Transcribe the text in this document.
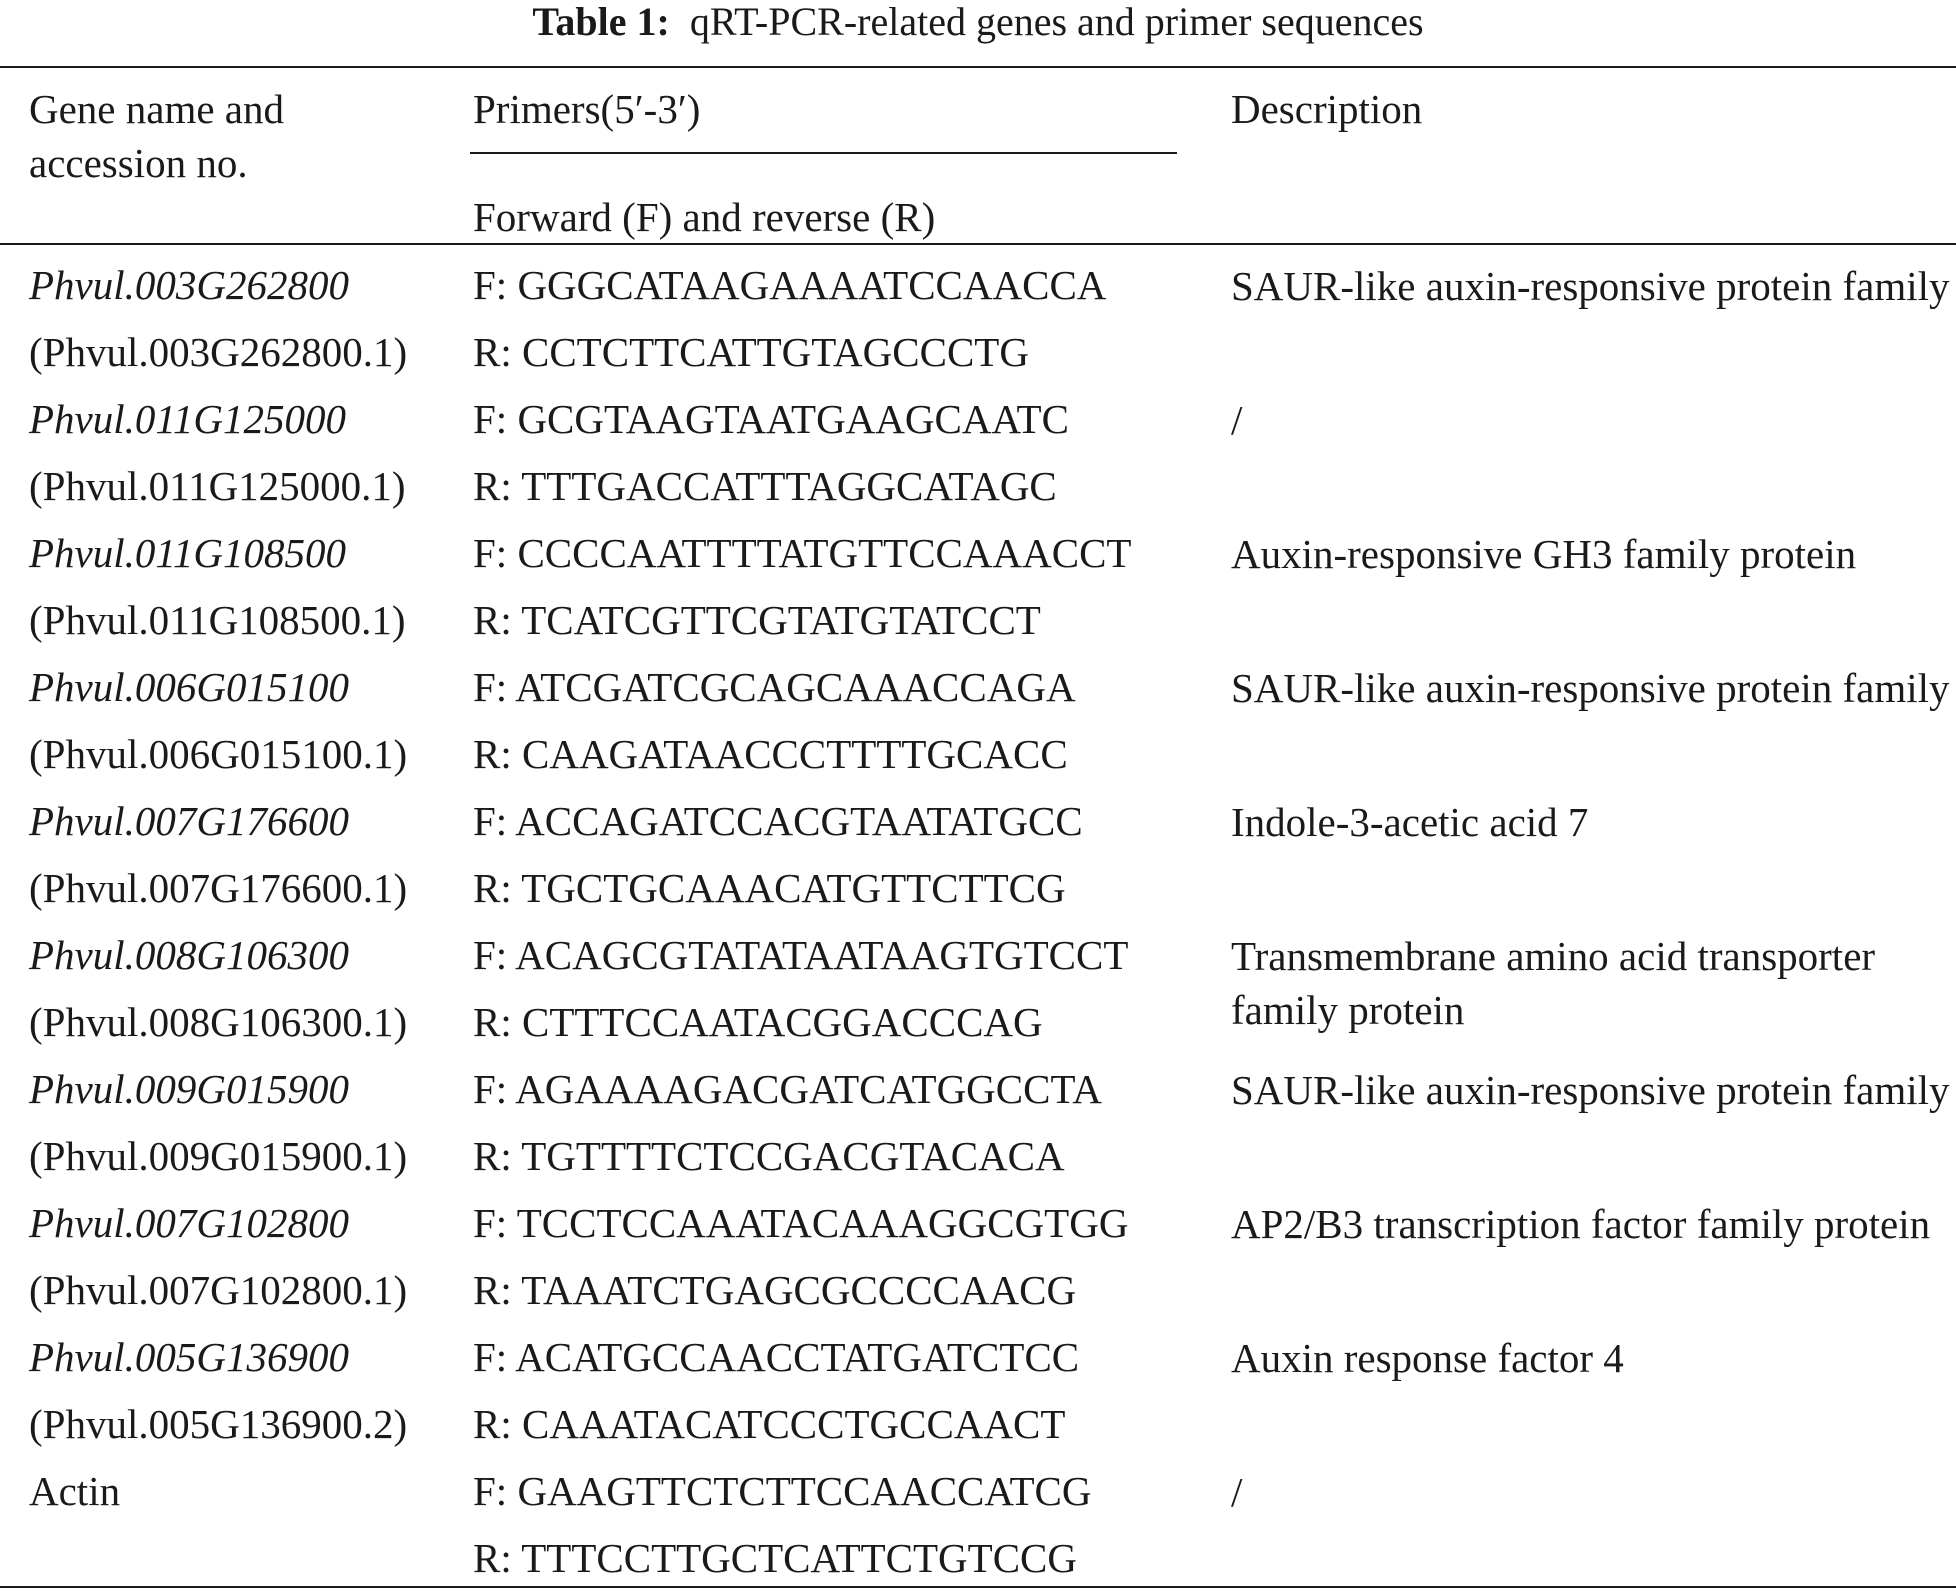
Table 1: qRT-PCR-related genes and primer sequences
Gene name and
accession no.
Primers(5′-3′)
Forward (F) and reverse (R)
Description
Phvul.003G262800
(Phvul.003G262800.1)
F: GGGCATAAGAAAATCCAACCA
R: CCTCTTCATTGTAGCCCTG
SAUR-like auxin-responsive protein family
Phvul.011G125000
(Phvul.011G125000.1)
F: GCGTAAGTAATGAAGCAATC
R: TTTGACCATTTAGGCATAGC
/
Phvul.011G108500
(Phvul.011G108500.1)
F: CCCCAATTTTATGTTCCAAACCT
R: TCATCGTTCGTATGTATCCT
Auxin-responsive GH3 family protein
Phvul.006G015100
(Phvul.006G015100.1)
F: ATCGATCGCAGCAAACCAGA
R: CAAGATAACCCTTTTGCACC
SAUR-like auxin-responsive protein family
Phvul.007G176600
(Phvul.007G176600.1)
F: ACCAGATCCACGTAATATGCC
R: TGCTGCAAACATGTTCTTCG
Indole-3-acetic acid 7
Phvul.008G106300
(Phvul.008G106300.1)
F: ACAGCGTATATAATAAGTGTCCT
R: CTTTCCAATACGGACCCAG
Transmembrane amino acid transporter family protein
Phvul.009G015900
(Phvul.009G015900.1)
F: AGAAAAGACGATCATGGCCTA
R: TGTTTTCTCCGACGTACACA
SAUR-like auxin-responsive protein family
Phvul.007G102800
(Phvul.007G102800.1)
F: TCCTCCAAATACAAAGGCGTGG
R: TAAATCTGAGCGCCCCAACG
AP2/B3 transcription factor family protein
Phvul.005G136900
(Phvul.005G136900.2)
F: ACATGCCAACCTATGATCTCC
R: CAAATACATCCCTGCCAACT
Auxin response factor 4
Actin	F: GAAGTTCTCTTCCAACCATCG
R: TTTCCTTGCTCATTCTGTCCG
/
